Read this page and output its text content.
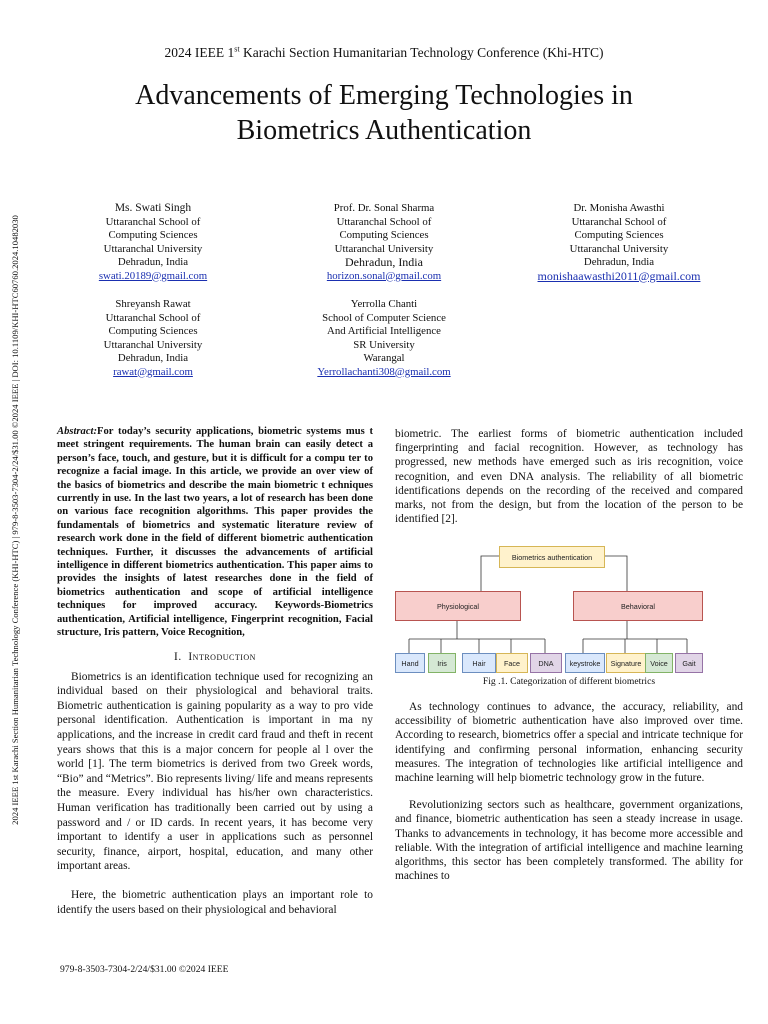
2024 IEEE 1st Karachi Section Humanitarian Technology Conference (Khi-HTC)
Advancements of Emerging Technologies in
Biometrics Authentication
2024 IEEE 1st Karachi Section Humanitarian Technology Conference (KHI-HTC) | 979-8-3503-7304-2/24/$31.00 ©2024 IEEE | DOI: 10.1109/KHI-HTC60760.2024.10482030
Ms. Swati Singh
Uttaranchal School of
Computing Sciences
Uttaranchal University
Dehradun, India
swati.20189@gmail.com
Prof. Dr. Sonal Sharma
Uttaranchal School of
Computing Sciences
Uttaranchal University
Dehradun, India
horizon.sonal@gmail.com
Dr. Monisha Awasthi
Uttaranchal School of
Computing Sciences
Uttaranchal University
Dehradun, India
monishaawasthi2011@gmail.com
Shreyansh Rawat
Uttaranchal School of
Computing Sciences
Uttaranchal University
Dehradun, India
rawat@gmail.com
Yerrolla Chanti
School of Computer Science
And Artificial Intelligence
SR University
Warangal
Yerrollachanti308@gmail.com
Abstract:For today’s security applications, biometric systems mus t meet stringent requirements. The human brain can easily detect a person’s face, touch, and gesture, but it is difficult for a compu ter to recognize a facial image. In this article, we provide an over view of the basics of biometrics and describe the main biometric t echniques currently in use. In the last two years, a lot of research has been done on various face recognition algorithms. This paper provides the fundamentals of biometrics and systematic literature review of research work done in the field of different biometric authentication techniques. Further, it discusses the advancements of artificial intelligence in different biometrics authentication. This paper aims to provides the insights of latest researches done in the field of biometrics authentication and scope of artificial intelligence techniques for improved accuracy. Keywords-Biometrics authentication, Artificial intelligence, Fingerprint recognition, Facial structure, Iris pattern, Voice Recognition,
I. Introduction

Biometrics is an identification technique used for recognizing an individual based on their physiological and behavioral traits. Biometric authentication is gaining popularity as a way to pro vide personal identification. Authentication is important in ma ny applications, and the increase in credit card fraud and theft in recent years shows that this is a major concern for people al l over the world [1]. The term biometrics is derived from two Greek words, “Bio” and “Metrics”. Bio represents living/ life and means represents the measure. Every individual has his/her own characteristics. Human verification has traditionally been carried out by using a password and / or ID cards. In recent years, it has become very important to identify a user in applications such as personnel security, finance, airport, hospital, education, and many other important areas.

Here, the biometric authentication plays an important role to identify the users based on their physiological and behavioral

biometric. The earliest forms of biometric authentication included fingerprinting and facial recognition. However, as technology has progressed, new methods have emerged such as iris recognition, voice recognition, and even DNA analysis. The reliability of all biometric identifications depends on the recording of the received and compared marks, not from the design, but from the location of the person to be identified [2].

Biometrics authentication
Physiological	Behavioral
Hand	Iris	Hair	Face	DNA	keystroke	Signature	Voice	Gait
Fig .1. Categorization of different biometrics

As technology continues to advance, the accuracy, reliability, and accessibility of biometric authentication have also improved over time. According to research, biometrics offer a special and intricate technique for identifying and confirming personal information, enhancing security measures. The integration of technologies like artificial intelligence and machine learning will help biometric technology grow in the future.

Revolutionizing sectors such as healthcare, government organizations, and finance, biometric authentication has seen a steady increase in usage. Thanks to advancements in technology, it has become more accessible and reliable. With the integration of artificial intelligence and machine learning algorithms, this sector has been completely transformed. The ability for machines to

979-8-3503-7304-2/24/$31.00 ©2024 IEEE
